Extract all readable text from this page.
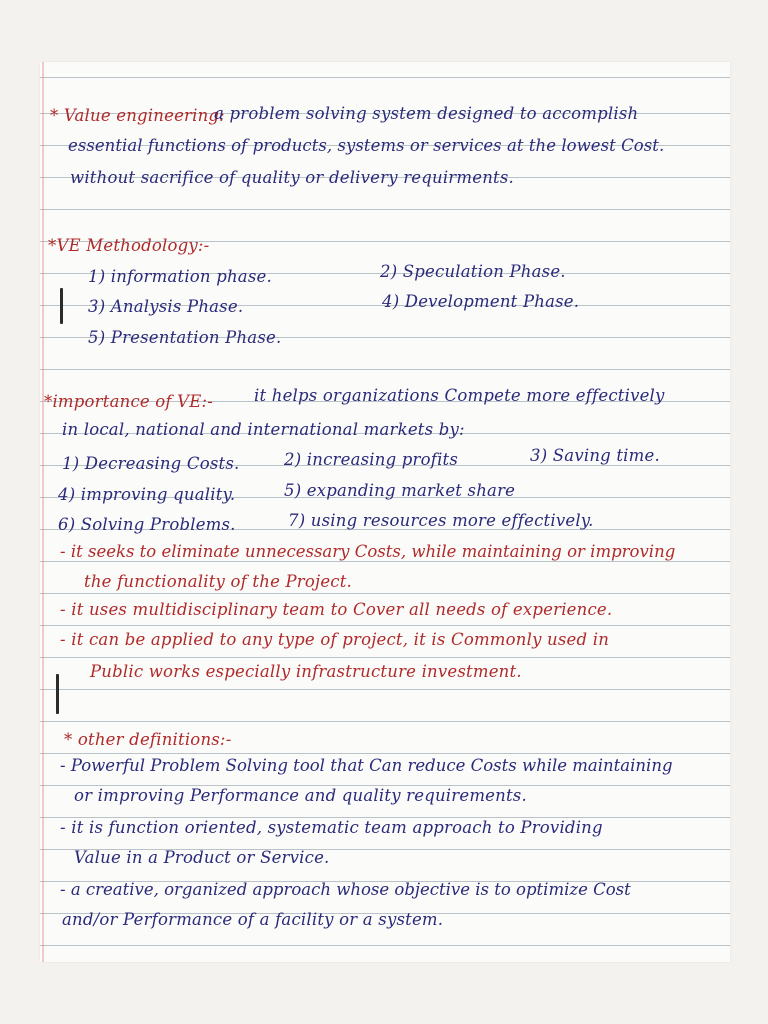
* Value engineering:
a problem solving system designed to accomplish
essential functions of products, systems or services at the lowest Cost.
without sacrifice of quality or delivery requirments.
*VE Methodology:-
1) information phase.	2) Speculation Phase.
3) Analysis Phase.	4) Development Phase.
5) Presentation Phase.
*importance of VE:- it helps organizations Compete more effectively
in local, national and international markets by:
1) Decreasing Costs.	2) increasing profits	3) Saving time.
4) improving quality.	5) expanding market share
6) Solving Problems.	7) using resources more effectively.
- it seeks to eliminate unnecessary Costs, while maintaining or improving
the functionality of the Project.
- it uses multidisciplinary team to Cover all needs of experience.
- it can be applied to any type of project, it is Commonly used in
Public works especially infrastructure investment.
* other definitions:-
- Powerful Problem Solving tool that Can reduce Costs while maintaining
or improving Performance and quality requirements.
- it is function oriented, systematic team approach to Providing
Value in a Product or Service.
- a creative, organized approach whose objective is to optimize Cost
and/or Performance of a facility or a system.
